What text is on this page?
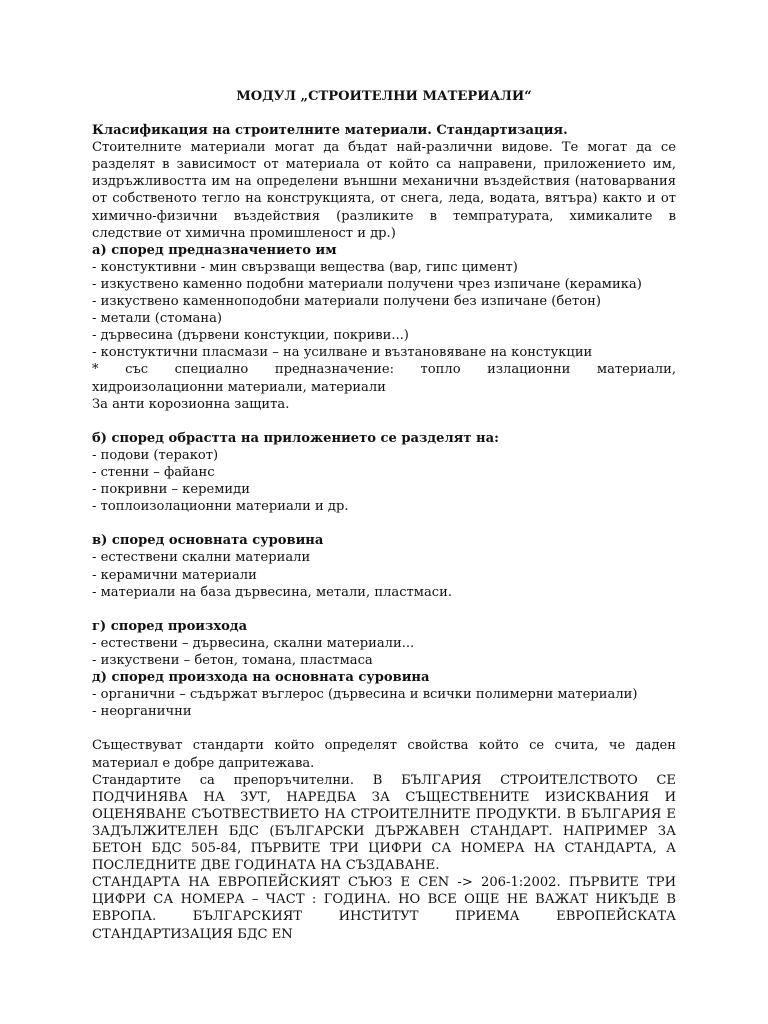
МОДУЛ „СТРОИТЕЛНИ МАТЕРИАЛИ“

Класификация на строителните материали. Стандартизация.

Стоителните материали могат да бъдат най-различни видове. Те могат да се разделят в зависимост от материала от който са направени, приложението им, издръжливостта им на определени външни механични въздействия (натоварвания от собственото тегло на конструкцията, от снега, леда, водата, вятъра) както и от химично-физични въздействия (разликите в темпратурата, химикалите в следствие от химична промишленост и др.)

а) според предназначението им

- констуктивни - мин свързващи вещества (вар, гипс цимент)

- изкуствено каменно подобни материали получени чрез изпичане (керамика)

- изкуствено каменноподобни материали получени без изпичане (бетон)

- метали (стомана)

- дървесина (дървени констукции, покриви...)

- констуктични пласмази – на усилване и възтановяване на констукции

* със специално предназначение: топло излационни материали, хидроизолационни материали, материали

За анти корозионна защита.

б) според обрастта на приложението се разделят на:

- подови (теракот)

- стенни – файанс

- покривни – керемиди

- топлоизолационни материали и др.

в) според основната суровина

- естествени скални материали

- керамични материали

- материали на база дървесина, метали, пластмаси.

г) според произхода

- естествени – дървесина, скални материали...

- изкуствени – бетон, томана, пластмаса

д) според произхода на основната суровина

- органични – съдържат въглерос (дървесина и всички полимерни материали)

- неорганични

Съществуват стандарти който определят свойства който се счита, че даден материал е добре дапритежава.

Стандартите са препоръчителни. В БЪЛГАРИЯ СТРОИТЕЛСТВОТО СЕ ПОДЧИНЯВА НА ЗУТ, НАРЕДБА ЗА СЪЩЕСТВЕНИТЕ ИЗИСКВАНИЯ И ОЦЕНЯВАНЕ СЪОТВЕСТВИЕТО НА СТРОИТЕЛНИТЕ ПРОДУКТИ. В БЪЛГАРИЯ Е ЗАДЪЛЖИТЕЛЕН БДС (БЪЛГАРСКИ ДЪРЖАВЕН СТАНДАРТ. НАПРИМЕР ЗА БЕТОН БДС 505-84, ПЪРВИТЕ ТРИ ЦИФРИ СА НОМЕРА НА СТАНДАРТА, А ПОСЛЕДНИТЕ ДВЕ ГОДИНАТА НА СЪЗДАВАНЕ.

СТАНДАРТА НА ЕВРОПЕЙСКИЯТ СЪЮЗ Е CEN -> 206-1:2002. ПЪРВИТЕ ТРИ ЦИФРИ СА НОМЕРА – ЧАСТ : ГОДИНА. НО ВСЕ ОЩЕ НЕ ВАЖАТ НИКЪДЕ В ЕВРОПА. БЪЛГАРСКИЯТ ИНСТИТУТ ПРИЕМА ЕВРОПЕЙСКАТА СТАНДАРТИЗАЦИЯ БДС EN
